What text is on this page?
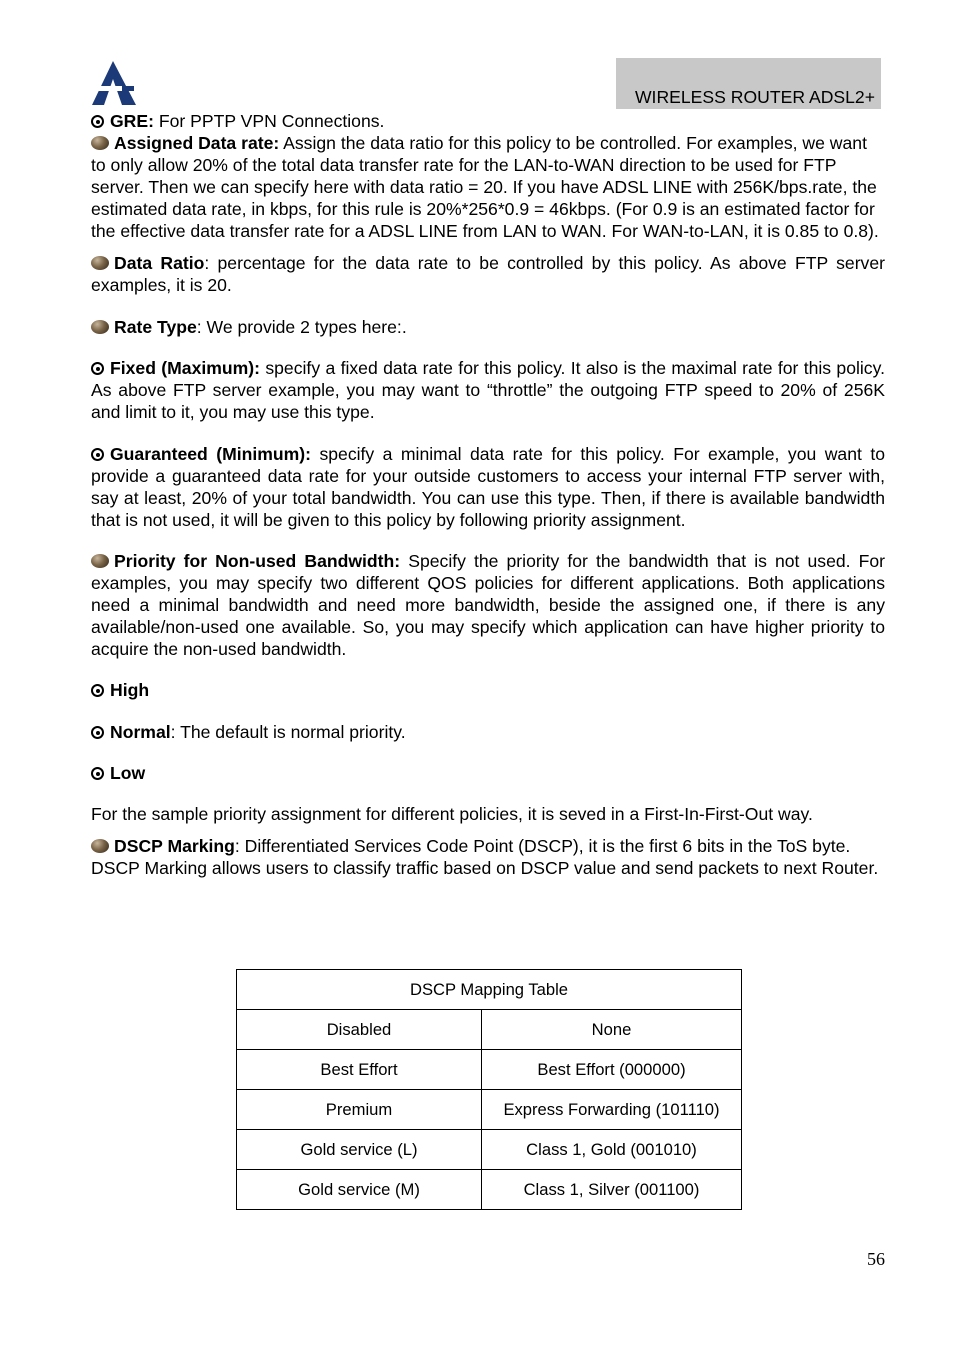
WIRELESS ROUTER ADSL2+

GRE: For PPTP VPN Connections.

Assigned Data rate: Assign the data ratio for this policy to be controlled. For examples, we want to only allow 20% of the total data transfer rate for the LAN-to-WAN direction to be used for FTP server. Then we can specify here with data ratio = 20. If you have ADSL LINE with 256K/bps.rate, the estimated data rate, in kbps, for this rule is 20%*256*0.9 = 46kbps. (For 0.9 is an estimated factor for the effective data transfer rate for a ADSL LINE from LAN to WAN. For WAN-to-LAN, it is 0.85 to 0.8).

Data Ratio: percentage for the data rate to be controlled by this policy. As above FTP server examples, it is 20.

Rate Type: We provide 2 types here:.

Fixed (Maximum): specify a fixed data rate for this policy. It also is the maximal rate for this policy. As above FTP server example, you may want to “throttle” the outgoing FTP speed to 20% of 256K and limit to it, you may use this type.

Guaranteed (Minimum): specify a minimal data rate for this policy. For example, you want to provide a guaranteed data rate for your outside customers to access your internal FTP server with, say at least, 20% of your total bandwidth. You can use this type. Then, if there is available bandwidth that is not used, it will be given to this policy by following priority assignment.

Priority for Non-used Bandwidth: Specify the priority for the bandwidth that is not used. For examples, you may specify two different QOS policies for different applications. Both applications need a minimal bandwidth and need more bandwidth, beside the assigned one, if there is any available/non-used one available. So, you may specify which application can have higher priority to acquire the non-used bandwidth.

High

Normal: The default is normal priority.

Low

For the sample priority assignment for different policies, it is seved in a First-In-First-Out way.

DSCP Marking: Differentiated Services Code Point (DSCP), it is the first 6 bits in the ToS byte. DSCP Marking allows users to classify traffic based on DSCP value and send packets to next Router.

DSCP Mapping Table	
Disabled	None
Best Effort	Best Effort (000000)
Premium	Express Forwarding (101110)
Gold service (L)	Class 1, Gold (001010)
Gold service (M)	Class 1, Silver (001100)
56
